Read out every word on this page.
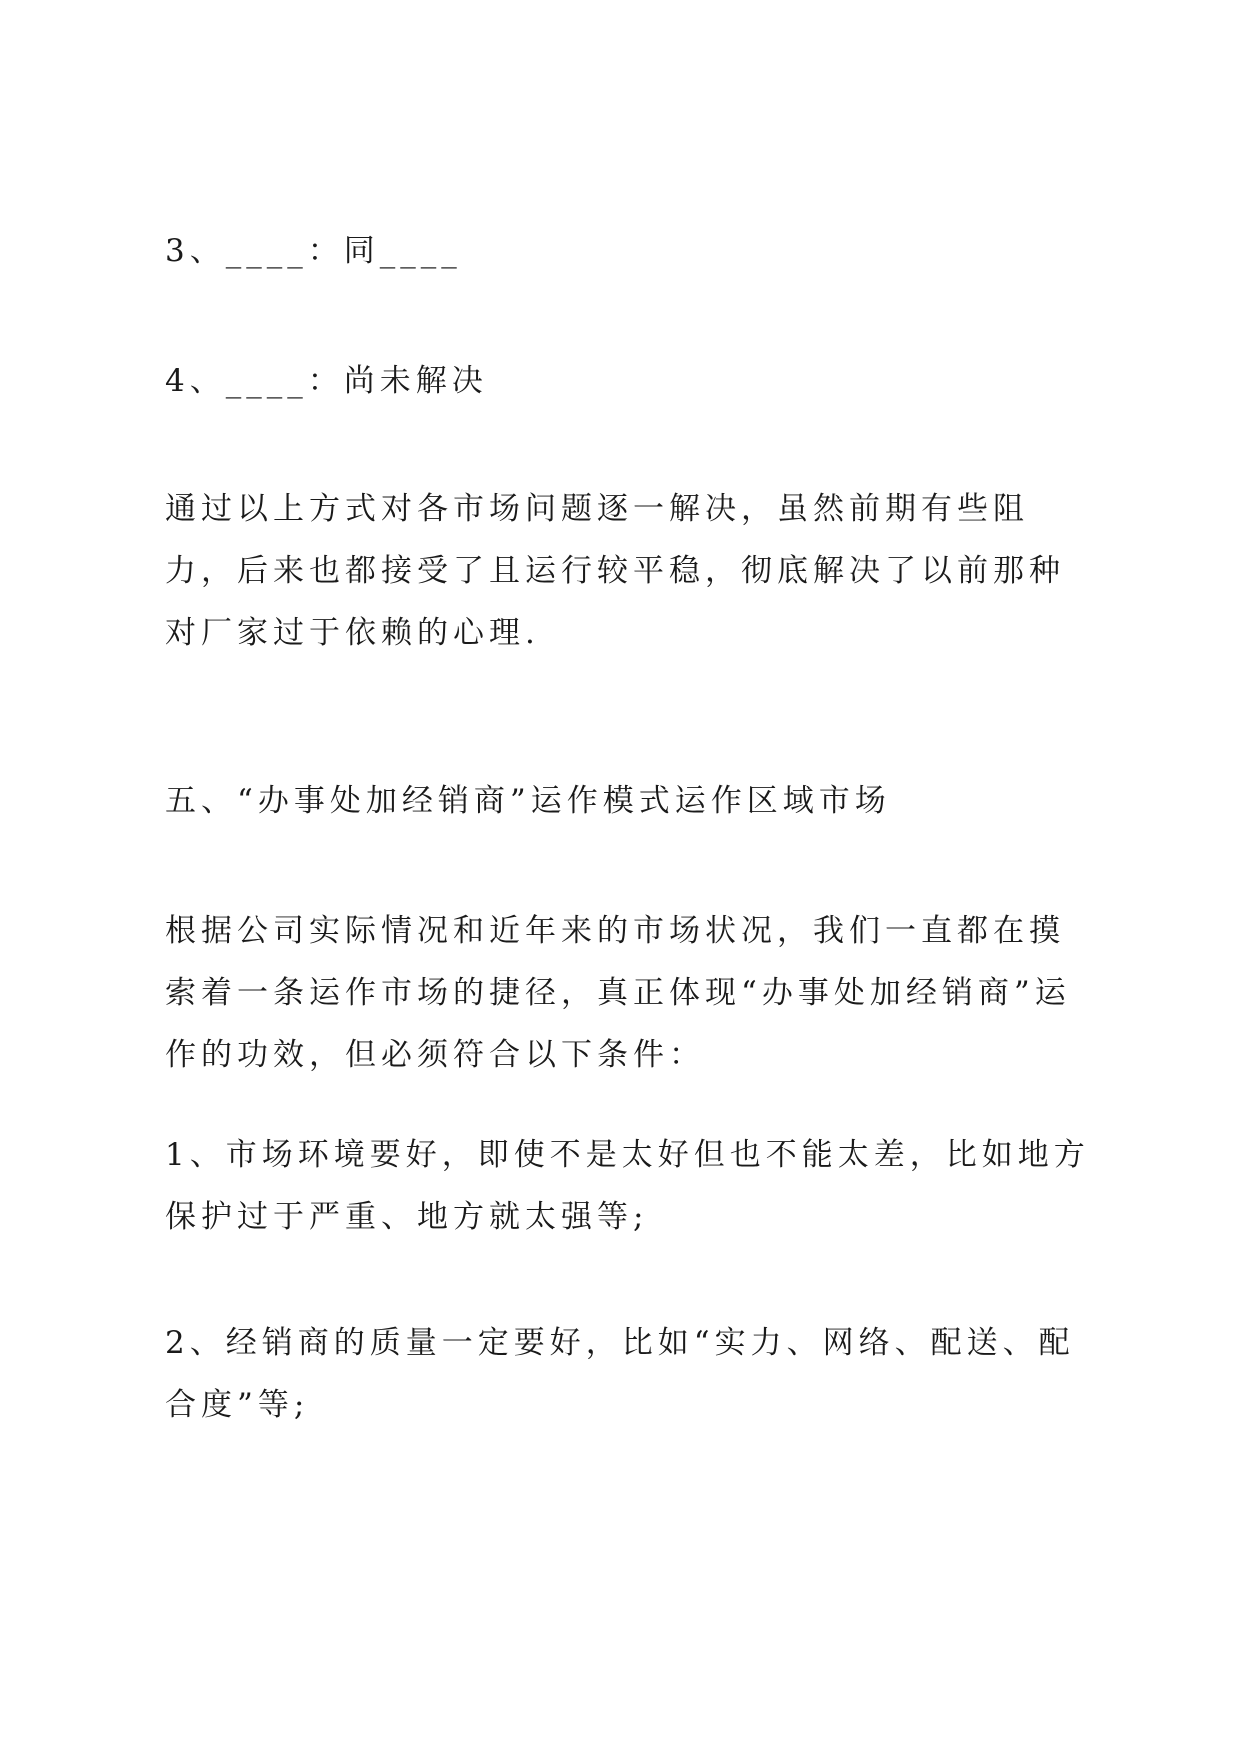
3、____：同____

4、____：尚未解决

通过以上方式对各市场问题逐一解决，虽然前期有些阻力，后来也都接受了且运行较平稳，彻底解决了以前那种对厂家过于依赖的心理.

五、“办事处加经销商”运作模式运作区域市场

根据公司实际情况和近年来的市场状况，我们一直都在摸索着一条运作市场的捷径，真正体现“办事处加经销商”运作的功效，但必须符合以下条件：

1、市场环境要好，即使不是太好但也不能太差，比如地方保护过于严重、地方就太强等;

2、经销商的质量一定要好，比如“实力、网络、配送、配合度”等;
